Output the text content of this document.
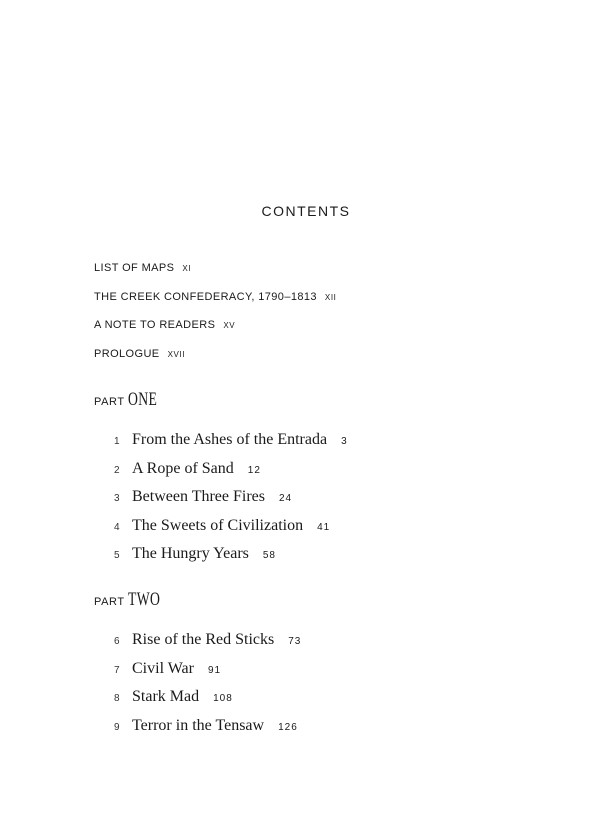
CONTENTS
LIST OF MAPS XI
THE CREEK CONFEDERACY, 1790–1813 XII
A NOTE TO READERS XV
PROLOGUE XVII
PART ONE
1 From the Ashes of the Entrada 3
2 A Rope of Sand 12
3 Between Three Fires 24
4 The Sweets of Civilization 41
5 The Hungry Years 58
PART TWO
6 Rise of the Red Sticks 73
7 Civil War 91
8 Stark Mad 108
9 Terror in the Tensaw 126
